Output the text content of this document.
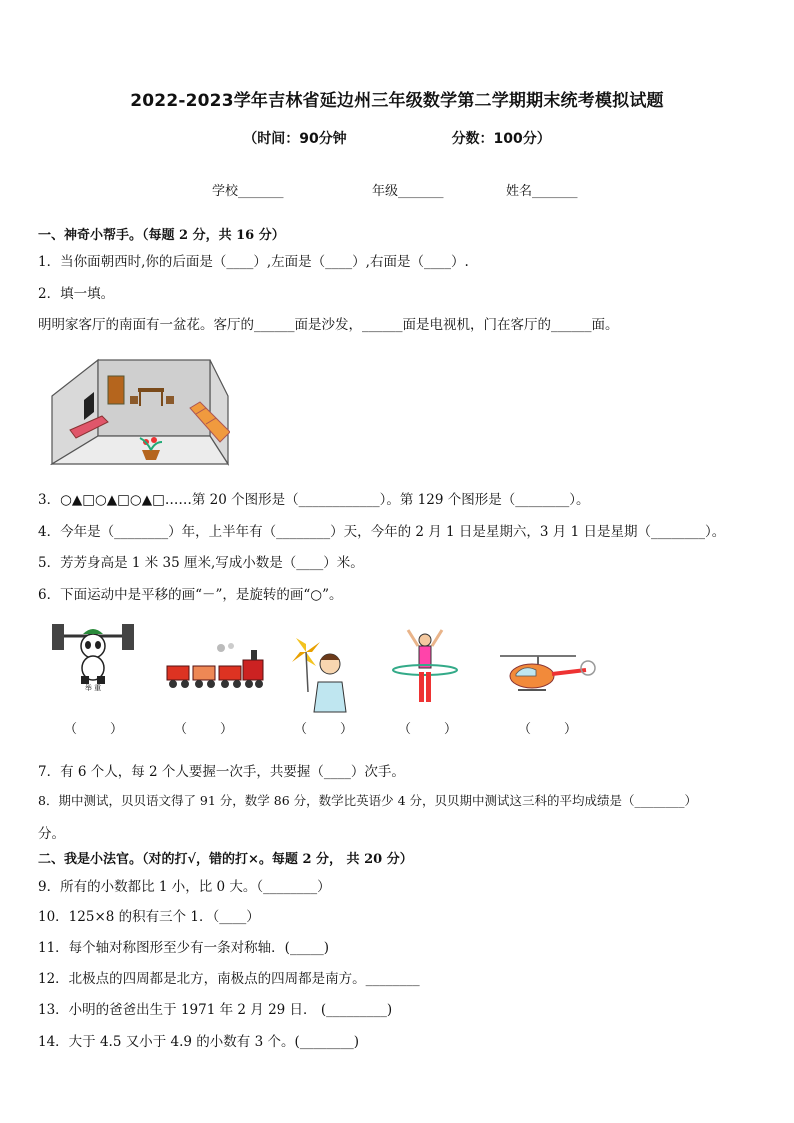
2022-2023学年吉林省延边州三年级数学第二学期期末统考模拟试题
（时间：90分钟	分数：100分）
学校_______	年级_______	姓名_______
一、神奇小帮手。（每题 2 分，共 16 分）
1．当你面朝西时,你的后面是（____）,左面是（____）,右面是（____）.
2．填一填。
明明家客厅的南面有一盆花。客厅的______面是沙发，______面是电视机，门在客厅的______面。
3．○▲□○▲□○▲□……第 20 个图形是（____________）。第 129 个图形是（________）。
4．今年是（________）年，上半年有（________）天，今年的 2 月 1 日是星期六，3 月 1 日是星期（________）。
5．芳芳身高是 1 米 35 厘米,写成小数是（____）米。
6．下面运动中是平移的画“－”，是旋转的画“○”。
举 重
（        ）	（        ）	（        ）	（        ）	（        ）
7．有 6 个人，每 2 个人要握一次手，共要握（____）次手。
8．期中测试，贝贝语文得了 91 分，数学 86 分，数学比英语少 4 分，贝贝期中测试这三科的平均成绩是（________）
分。
二、我是小法官。（对的打√，错的打×。每题 2 分， 共 20 分）
9．所有的小数都比 1 小，比 0 大。（________）
10．125×8 的积有三个 1．（____）
11．每个轴对称图形至少有一条对称轴．(_____)
12．北极点的四周都是北方，南极点的四周都是南方。________
13．小明的爸爸出生于 1971 年 2 月 29 日． (_________)
14．大于 4.5 又小于 4.9 的小数有 3 个。(________)
